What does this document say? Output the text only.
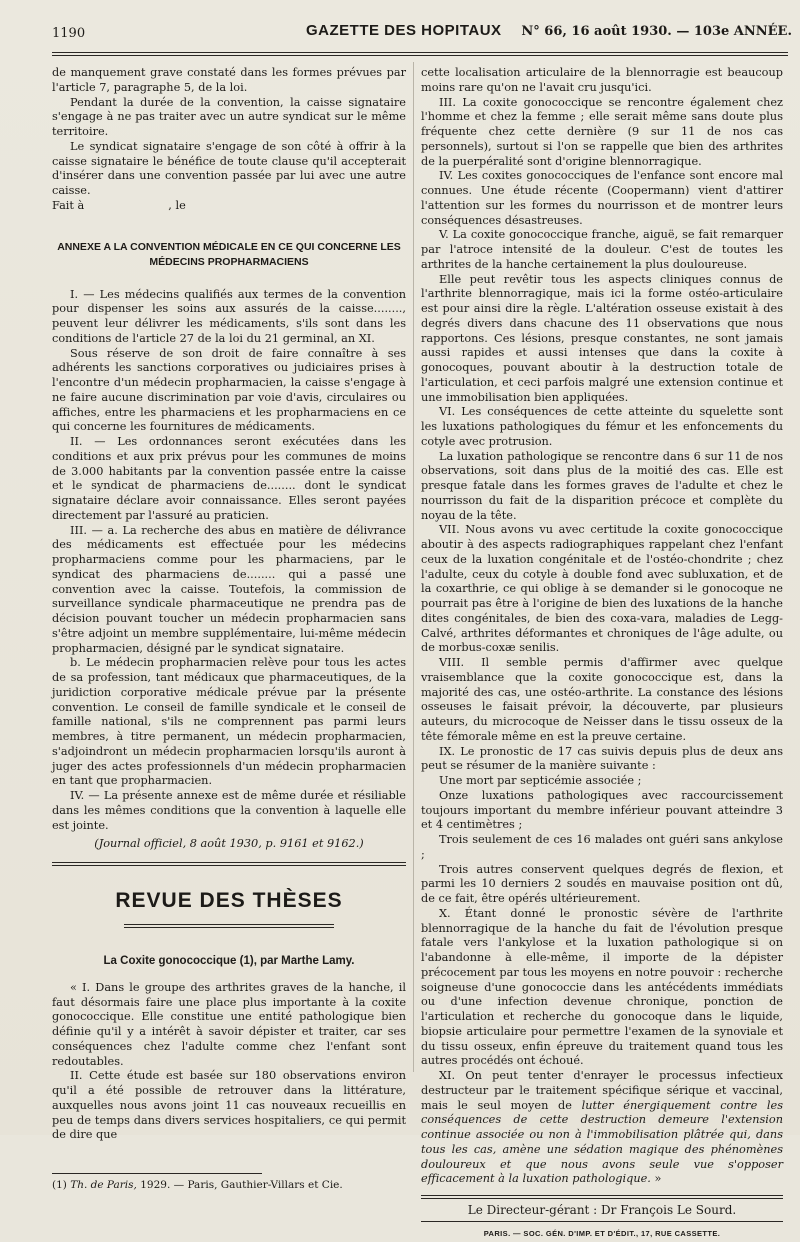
1190	GAZETTE DES HOPITAUX N° 66, 16 août 1930. — 103e ANNÉE.

de manquement grave constaté dans les formes prévues par l'article 7, paragraphe 5, de la loi.

Pendant la durée de la convention, la caisse signataire s'engage à ne pas traiter avec un autre syndicat sur le même territoire.

Le syndicat signataire s'engage de son côté à offrir à la caisse signataire le bénéfice de toute clause qu'il accepterait d'insérer dans une convention passée par lui avec une autre caisse.

Fait à	, le

ANNEXE A LA CONVENTION MÉDICALE EN CE QUI CONCERNE LES MÉDECINS PROPHARMACIENS

I. — Les médecins qualifiés aux termes de la convention pour dispenser les soins aux assurés de la caisse........, peuvent leur délivrer les médicaments, s'ils sont dans les conditions de l'article 27 de la loi du 21 germinal, an XI.

Sous réserve de son droit de faire connaître à ses adhérents les sanctions corporatives ou judiciaires prises à l'encontre d'un médecin propharmacien, la caisse s'engage à ne faire aucune discrimination par voie d'avis, circulaires ou affiches, entre les pharmaciens et les propharmaciens en ce qui concerne les fournitures de médicaments.

II. — Les ordonnances seront exécutées dans les conditions et aux prix prévus pour les communes de moins de 3.000 habitants par la convention passée entre la caisse et le syndicat de pharmaciens de........ dont le syndicat signataire déclare avoir connaissance. Elles seront payées directement par l'assuré au praticien.

III. — a. La recherche des abus en matière de délivrance des médicaments est effectuée pour les médecins propharmaciens comme pour les pharmaciens, par le syndicat des pharmaciens de........ qui a passé une convention avec la caisse. Toutefois, la commission de surveillance syndicale pharmaceutique ne prendra pas de décision pouvant toucher un médecin propharmacien sans s'être adjoint un membre supplémentaire, lui-même médecin propharmacien, désigné par le syndicat signataire.

b. Le médecin propharmacien relève pour tous les actes de sa profession, tant médicaux que pharmaceutiques, de la juridiction corporative médicale prévue par la présente convention. Le conseil de famille syndicale et le conseil de famille national, s'ils ne comprennent pas parmi leurs membres, à titre permanent, un médecin propharmacien, s'adjoindront un médecin propharmacien lorsqu'ils auront à juger des actes professionnels d'un médecin propharmacien en tant que propharmacien.

IV. — La présente annexe est de même durée et résiliable dans les mêmes conditions que la convention à laquelle elle est jointe.

(Journal officiel, 8 août 1930, p. 9161 et 9162.)

REVUE DES THÈSES

La Coxite gonococcique (1), par Marthe Lamy.

« I. Dans le groupe des arthrites graves de la hanche, il faut désormais faire une place plus importante à la coxite gonococcique. Elle constitue une entité pathologique bien définie qu'il y a intérêt à savoir dépister et traiter, car ses conséquences chez l'adulte comme chez l'enfant sont redoutables.

II. Cette étude est basée sur 180 observations environ qu'il a été possible de retrouver dans la littérature, auxquelles nous avons joint 11 cas nouveaux recueillis en peu de temps dans divers services hospitaliers, ce qui permit de dire que

(1) Th. de Paris, 1929. — Paris, Gauthier-Villars et Cie.

cette localisation articulaire de la blennorragie est beaucoup moins rare qu'on ne l'avait cru jusqu'ici.

III. La coxite gonococcique se rencontre également chez l'homme et chez la femme ; elle serait même sans doute plus fréquente chez cette dernière (9 sur 11 de nos cas personnels), surtout si l'on se rappelle que bien des arthrites de la puerpéralité sont d'origine blennorragique.

IV. Les coxites gonococciques de l'enfance sont encore mal connues. Une étude récente (Coopermann) vient d'attirer l'attention sur les formes du nourrisson et de montrer leurs conséquences désastreuses.

V. La coxite gonococcique franche, aiguë, se fait remarquer par l'atroce intensité de la douleur. C'est de toutes les arthrites de la hanche certainement la plus douloureuse.

Elle peut revêtir tous les aspects cliniques connus de l'arthrite blennorragique, mais ici la forme ostéo-articulaire est pour ainsi dire la règle. L'altération osseuse existait à des degrés divers dans chacune des 11 observations que nous rapportons. Ces lésions, presque constantes, ne sont jamais aussi rapides et aussi intenses que dans la coxite à gonocoques, pouvant aboutir à la destruction totale de l'articulation, et ceci parfois malgré une extension continue et une immobilisation bien appliquées.

VI. Les conséquences de cette atteinte du squelette sont les luxations pathologiques du fémur et les enfoncements du cotyle avec protrusion.

La luxation pathologique se rencontre dans 6 sur 11 de nos observations, soit dans plus de la moitié des cas. Elle est presque fatale dans les formes graves de l'adulte et chez le nourrisson du fait de la disparition précoce et complète du noyau de la tête.

VII. Nous avons vu avec certitude la coxite gonococcique aboutir à des aspects radiographiques rappelant chez l'enfant ceux de la luxation congénitale et de l'ostéo-chondrite ; chez l'adulte, ceux du cotyle à double fond avec subluxation, et de la coxarthrie, ce qui oblige à se demander si le gonocoque ne pourrait pas être à l'origine de bien des luxations de la hanche dites congénitales, de bien des coxa-vara, maladies de Legg-Calvé, arthrites déformantes et chroniques de l'âge adulte, ou de morbus-coxæ senilis.

VIII. Il semble permis d'affirmer avec quelque vraisemblance que la coxite gonococcique est, dans la majorité des cas, une ostéo-arthrite. La constance des lésions osseuses le faisait prévoir, la découverte, par plusieurs auteurs, du microcoque de Neisser dans le tissu osseux de la tête fémorale même en est la preuve certaine.

IX. Le pronostic de 17 cas suivis depuis plus de deux ans peut se résumer de la manière suivante :

Une mort par septicémie associée ;

Onze luxations pathologiques avec raccourcissement toujours important du membre inférieur pouvant atteindre 3 et 4 centimètres ;

Trois seulement de ces 16 malades ont guéri sans ankylose ;

Trois autres conservent quelques degrés de flexion, et parmi les 10 derniers 2 soudés en mauvaise position ont dû, de ce fait, être opérés ultérieurement.

X. Étant donné le pronostic sévère de l'arthrite blennorragique de la hanche du fait de l'évolution presque fatale vers l'ankylose et la luxation pathologique si on l'abandonne à elle-même, il importe de la dépister précocement par tous les moyens en notre pouvoir : recherche soigneuse d'une gonococcie dans les antécédents immédiats ou d'une infection devenue chronique, ponction de l'articulation et recherche du gonocoque dans le liquide, biopsie articulaire pour permettre l'examen de la synoviale et du tissu osseux, enfin épreuve du traitement quand tous les autres procédés ont échoué.

XI. On peut tenter d'enrayer le processus infectieux destructeur par le traitement spécifique sérique et vaccinal, mais le seul moyen de lutter énergiquement contre les conséquences de cette destruction demeure l'extension continue associée ou non à l'immobilisation plâtrée qui, dans tous les cas, amène une sédation magique des phénomènes douloureux et que nous avons seule vue s'opposer efficacement à la luxation pathologique. »

Le Directeur-gérant : Dr François Le Sourd.

PARIS. — SOC. GÉN. D'IMP. ET D'ÉDIT., 17, RUE CASSETTE.
